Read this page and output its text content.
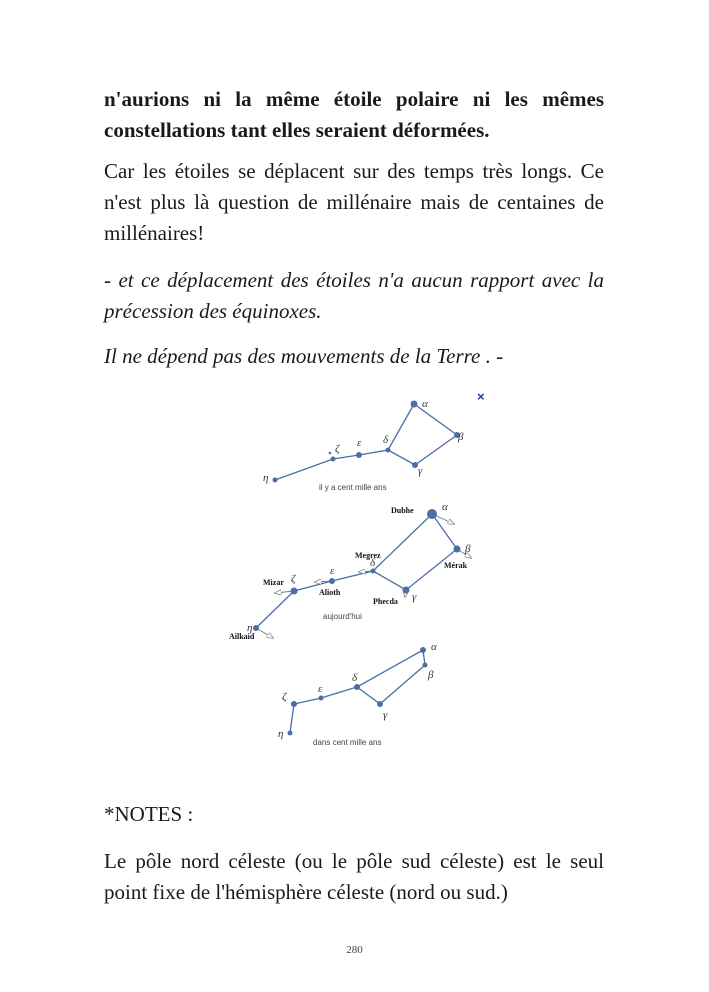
n'aurions ni la même étoile polaire ni les mêmes
constellations tant elles seraient déformées.

Car les étoiles se déplacent sur des temps très longs. Ce n'est plus là question de millénaire mais de centaines de millénaires!

- et ce déplacement des étoiles n'a aucun rapport avec la précession des équinoxes.

Il ne dépend pas des mouvements de la Terre . -

η
ζ ε δ
α
β
γ
il y a cent mille ans
×
η
ζ
ε
δ
α
β
γ
Dubhe
Mérak
Megrez
Phecda
Alioth
Mizar
Ailkaid
aujourd'hui
η
ζ
ε
δ
α
β
γ
dans cent mille ans

*NOTES :

Le pôle nord céleste (ou le pôle sud céleste) est le seul point fixe de l'hémisphère céleste (nord ou sud.)

280
